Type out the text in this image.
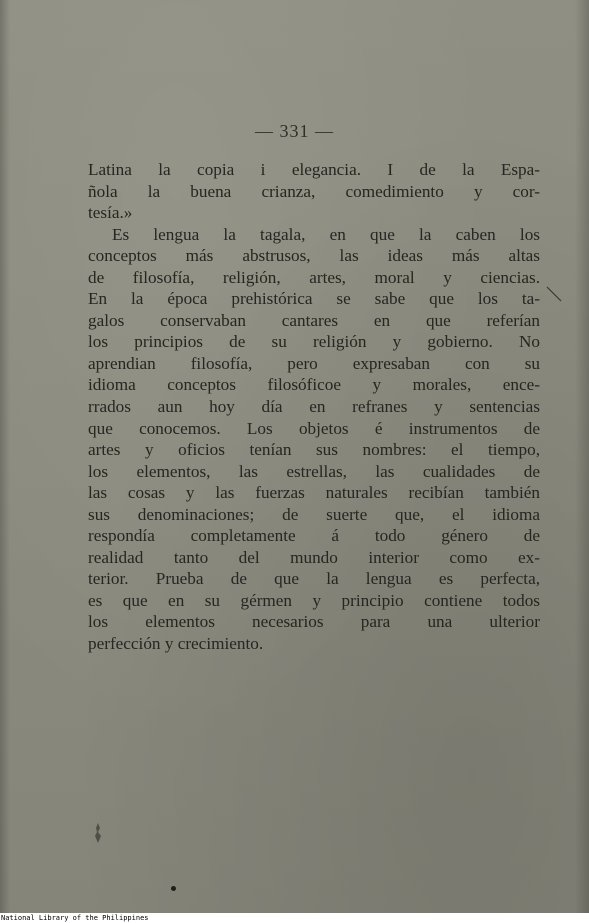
— 331 —
Latina la copia i elegancia. I de la Espa-
ñola la buena crianza, comedimiento y cor-
tesía.»
Es lengua la tagala, en que la caben los
conceptos más abstrusos, las ideas más altas
de filosofía, religión, artes, moral y ciencias.
En la época prehistórica se sabe que los ta-
galos conservaban cantares en que referían
los principios de su religión y gobierno. No
aprendian filosofía, pero expresaban con su
idioma conceptos filosóficoe y morales, ence-
rrados aun hoy día en refranes y sentencias
que conocemos. Los objetos é instrumentos de
artes y oficios tenían sus nombres: el tiempo,
los elementos, las estrellas, las cualidades de
las cosas y las fuerzas naturales recibían también
sus denominaciones; de suerte que, el idioma
respondía completamente á todo género de
realidad tanto del mundo interior como ex-
terior. Prueba de que la lengua es perfecta,
es que en su gérmen y principio contiene todos
los elementos necesarios para una ulterior
perfección y crecimiento.
National Library of the Philippines
